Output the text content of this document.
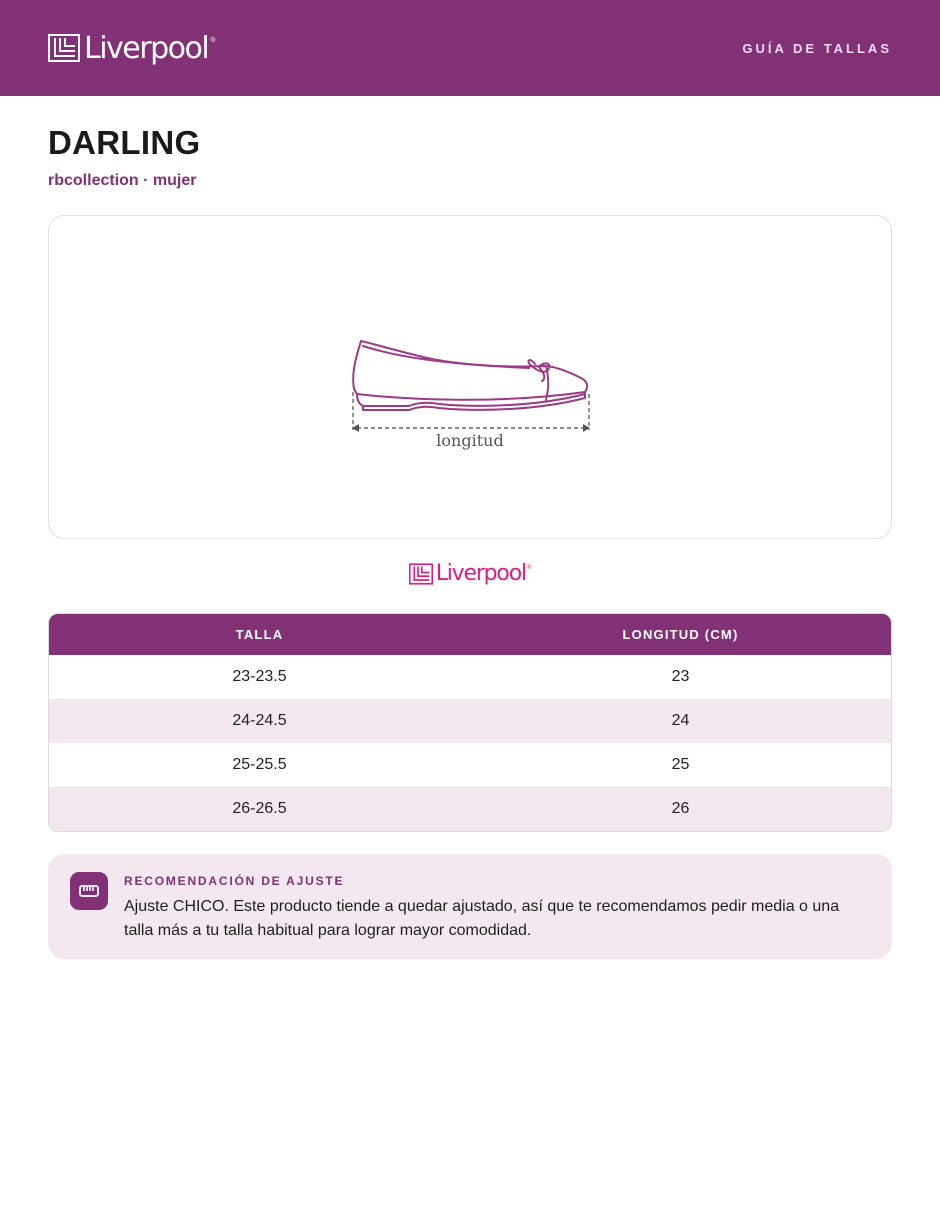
Liverpool ®
GUÍA DE TALLAS
DARLING
rbcollection · mujer
longitud
Liverpool ®
TALLA	LONGITUD (CM)
23-23.5	23
24-24.5	24
25-25.5	25
26-26.5	26
RECOMENDACIÓN DE AJUSTE
Ajuste CHICO. Este producto tiende a quedar ajustado, así que te recomendamos pedir media o una talla más a tu talla habitual para lograr mayor comodidad.
